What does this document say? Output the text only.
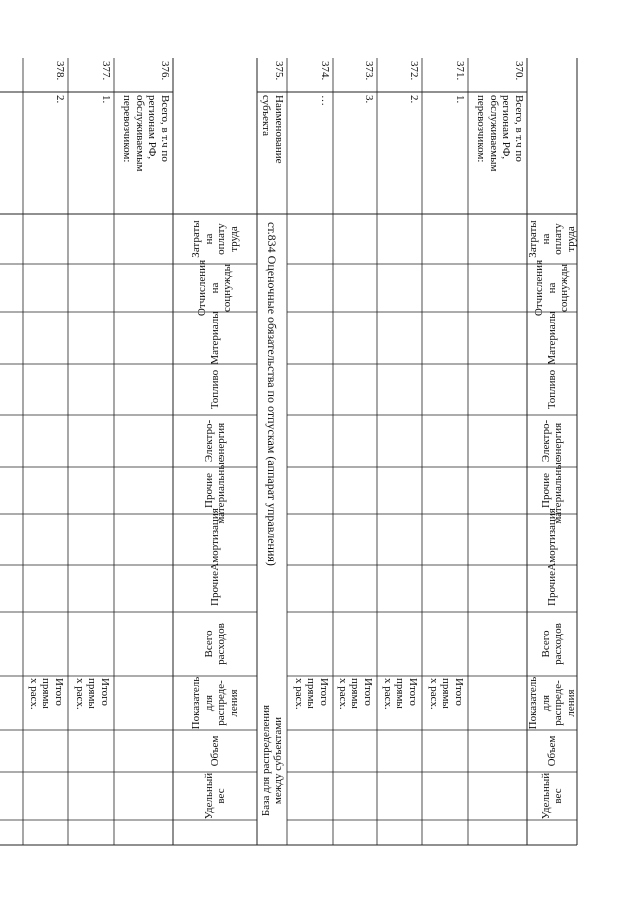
Затраты на
оплату труда
Отчисления
на соцнужды
Материалы
Топливо
Электро-
энергия
Прочие
материальные
Амортизация
Прочие
Всего
расходов
Показатель
для распреде-
ления
Объем
Удельный вес
Затраты на
оплату труда
Отчисления
на соцнужды
Материалы
Топливо
Электро-
энергия
Прочие
материальные
Амортизация
Прочие
Всего
расходов
Показатель
для распреде-
ления
Объем
Удельный вес
370.
Всего, в т.ч по
регионам РФ,
обслуживаемым
перевозчиком:
371.
1.
Итого
прямы
х расх.
372.
2.
Итого
прямы
х расх.
373.
3.
Итого
прямы
х расх.
374.
…
Итого
прямы
х расх.
376.
Всего, в т.ч по
регионам РФ,
обслуживаемым
перевозчиком:
377.
1.
Итого
прямы
х расх.
378.
2.
Итого
прямы
х расх.
375.
Наименование
субъекта
ст.834 Оценочные обязательства по отпускам (аппарат управления)
База для распределения
между субъектами
